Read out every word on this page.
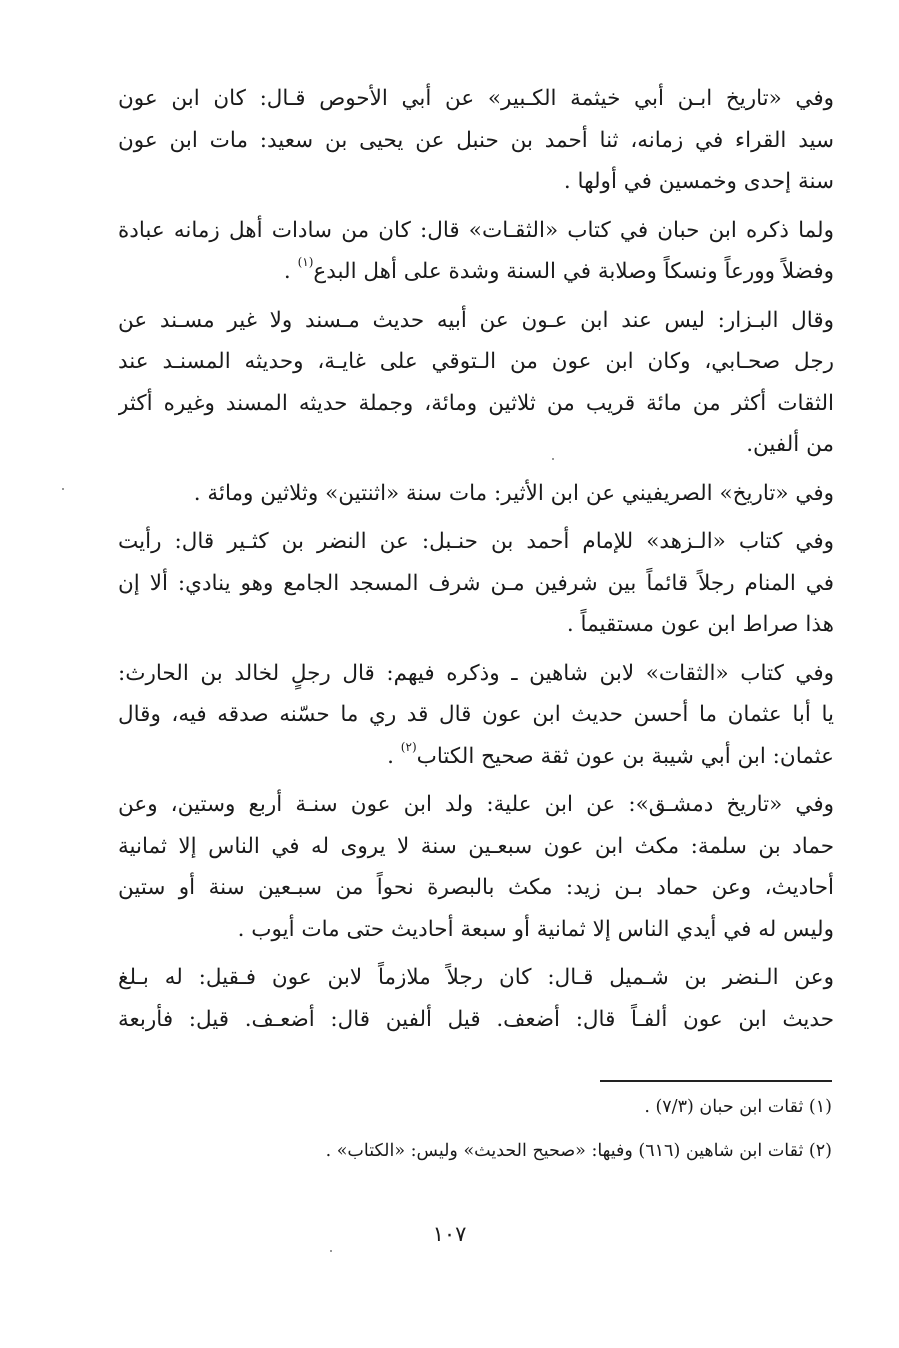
وفي «تاريخ ابـن أبي خيثمة الكـبير» عن أبي الأحوص قـال: كان ابن عون
سيد القراء في زمانه، ثنا أحمد بن حنبل عن يحيى بن سعيد: مات ابن عون
سنة إحدى وخمسين في أولها .

ولما ذكره ابن حبان في كتاب «الثقـات» قال: كان من سادات أهل زمانه عبادة
وفضلاً وورعاً ونسكاً وصلابة في السنة وشدة على أهل البدع$^{(١)}$ .

وقال البـزار: ليس عند ابن عـون عن أبيه حديث مـسند ولا غير مسـند عن
رجل صحـابي، وكان ابن عون من الـتوقي على غايـة، وحديثه المسنـد عند
الثقات أكثر من مائة قريب من ثلاثين ومائة، وجملة حديثه المسند وغيره أكثر
من ألفين.

وفي «تاريخ» الصريفيني عن ابن الأثير: مات سنة «اثنتين» وثلاثين ومائة .

وفي كتاب «الـزهد» للإمام أحمد بن حنـبل: عن النضر بن كثـير قال: رأيت
في المنام رجلاً قائماً بين شرفين مـن شرف المسجد الجامع وهو ينادي: ألا إن
هذا صراط ابن عون مستقيماً .

وفي كتاب «الثقات» لابن شاهين ـ وذكره فيهم: قال رجلٍ لخالد بن الحارث:
يا أبا عثمان ما أحسن حديث ابن عون قال قد ري ما حسّنه صدقه فيه، وقال
عثمان: ابن أبي شيبة بن عون ثقة صحيح الكتاب$^{(٢)}$ .

وفي «تاريخ دمشـق»: عن ابن علية: ولد ابن عون سنـة أربع وستين، وعن
حماد بن سلمة: مكث ابن عون سبعـين سنة لا يروى له في الناس إلا ثمانية
أحاديث، وعن حماد بـن زيد: مكث بالبصرة نحواً من سبـعين سنة أو ستين
وليس له في أيدي الناس إلا ثمانية أو سبعة أحاديث حتى مات أيوب .

وعن الـنضر بن شـميل قـال: كان رجلاً ملازماً لابن عون فـقيل: له بـلغ
حديث ابن عون ألفـاً قال: أضعف. قيل ألفين قال: أضعـف. قيل: فأربعة

(١) ثقات ابن حبان (٧/٣) .
(٢) ثقات ابن شاهين (٦١٦) وفيها: «صحيح الحديث» وليس: «الكتاب» .
١٠٧
